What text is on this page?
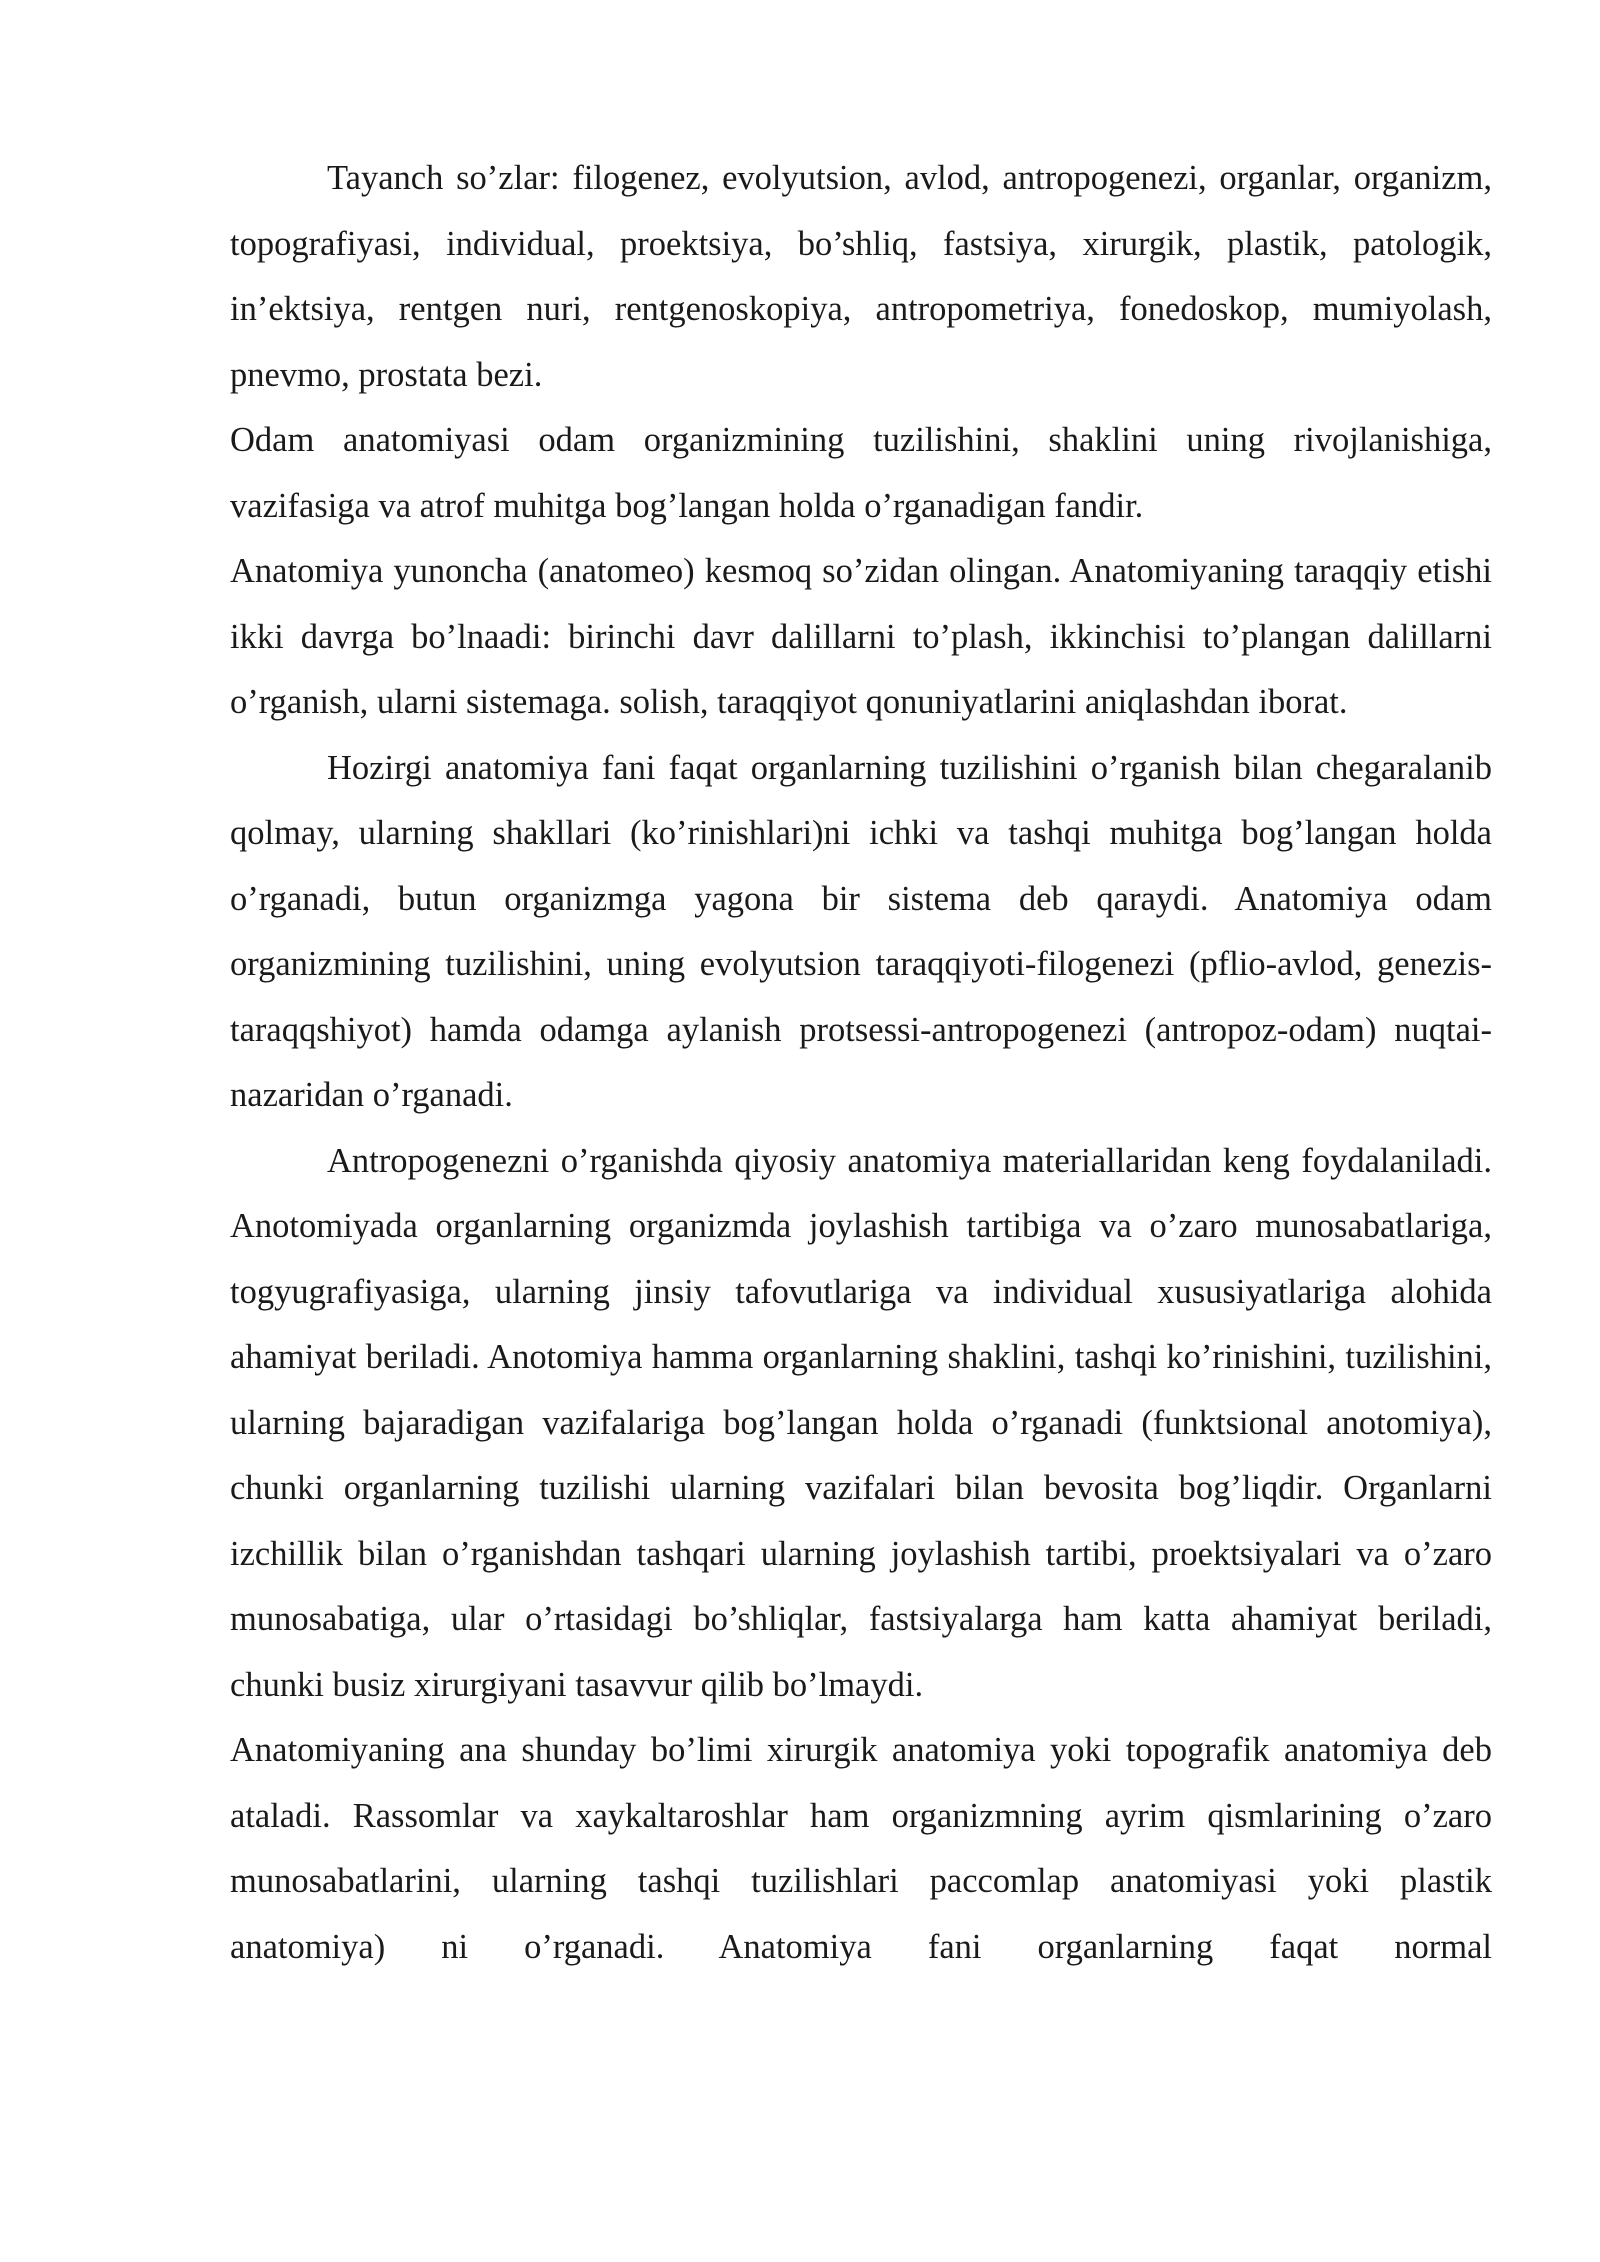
Tayanch so’zlar: filogenez, evolyutsion, avlod, antropogenezi, organlar, organizm, topografiyasi, individual, proektsiya, bo’shliq, fastsiya, xirurgik, plastik, patologik, in’ektsiya, rentgen nuri, rentgenoskopiya, antropometriya, fonedoskop, mumiyolash, pnevmo, prostata bezi.

Odam anatomiyasi odam organizmining tuzilishini, shaklini uning rivojlanishiga, vazifasiga va atrof muhitga bog’langan holda o’rganadigan fandir.

Anatomiya yunoncha (anatomeo) kesmoq so’zidan olingan. Anatomiyaning taraqqiy etishi ikki davrga bo’lnaadi: birinchi davr dalillarni to’plash, ikkinchisi to’plangan dalillarni o’rganish, ularni sistemaga. solish, taraqqiyot qonuniyatlarini aniqlashdan iborat.

Hozirgi anatomiya fani faqat organlarning tuzilishini o’rganish bilan chegaralanib qolmay, ularning shakllari (ko’rinishlari)ni ichki va tashqi muhitga bog’langan holda o’rganadi, butun organizmga yagona bir sistema deb qaraydi. Anatomiya odam organizmining tuzilishini, uning evolyutsion taraqqiyoti-filogenezi (pflio-avlod, genezis-taraqqshiyot) hamda odamga aylanish protsessi-antropogenezi (antropoz-odam) nuqtai-nazaridan o’rganadi.

Antropogenezni o’rganishda qiyosiy anatomiya materiallaridan keng foydalaniladi. Anotomiyada organlarning organizmda joylashish tartibiga va o’zaro munosabatlariga, togyugrafiyasiga, ularning jinsiy tafovutlariga va individual xususiyatlariga alohida ahamiyat beriladi. Anotomiya hamma organlarning shaklini, tashqi ko’rinishini, tuzilishini, ularning bajaradigan vazifalariga bog’langan holda o’rganadi (funktsional anotomiya), chunki organlarning tuzilishi ularning vazifalari bilan bevosita bog’liqdir. Organlarni izchillik bilan o’rganishdan tashqari ularning joylashish tartibi, proektsiyalari va o’zaro munosabatiga, ular o’rtasidagi bo’shliqlar, fastsiyalarga ham katta ahamiyat beriladi, chunki busiz xirurgiyani tasavvur qilib bo’lmaydi.

Anatomiyaning ana shunday bo’limi xirurgik anatomiya yoki topografik anatomiya deb ataladi. Rassomlar va xaykaltaroshlar ham organizmning ayrim qismlarining o’zaro munosabatlarini, ularning tashqi tuzilishlari paccomlap anatomiyasi yoki plastik anatomiya) ni o’rganadi. Anatomiya fani organlarning faqat normal
